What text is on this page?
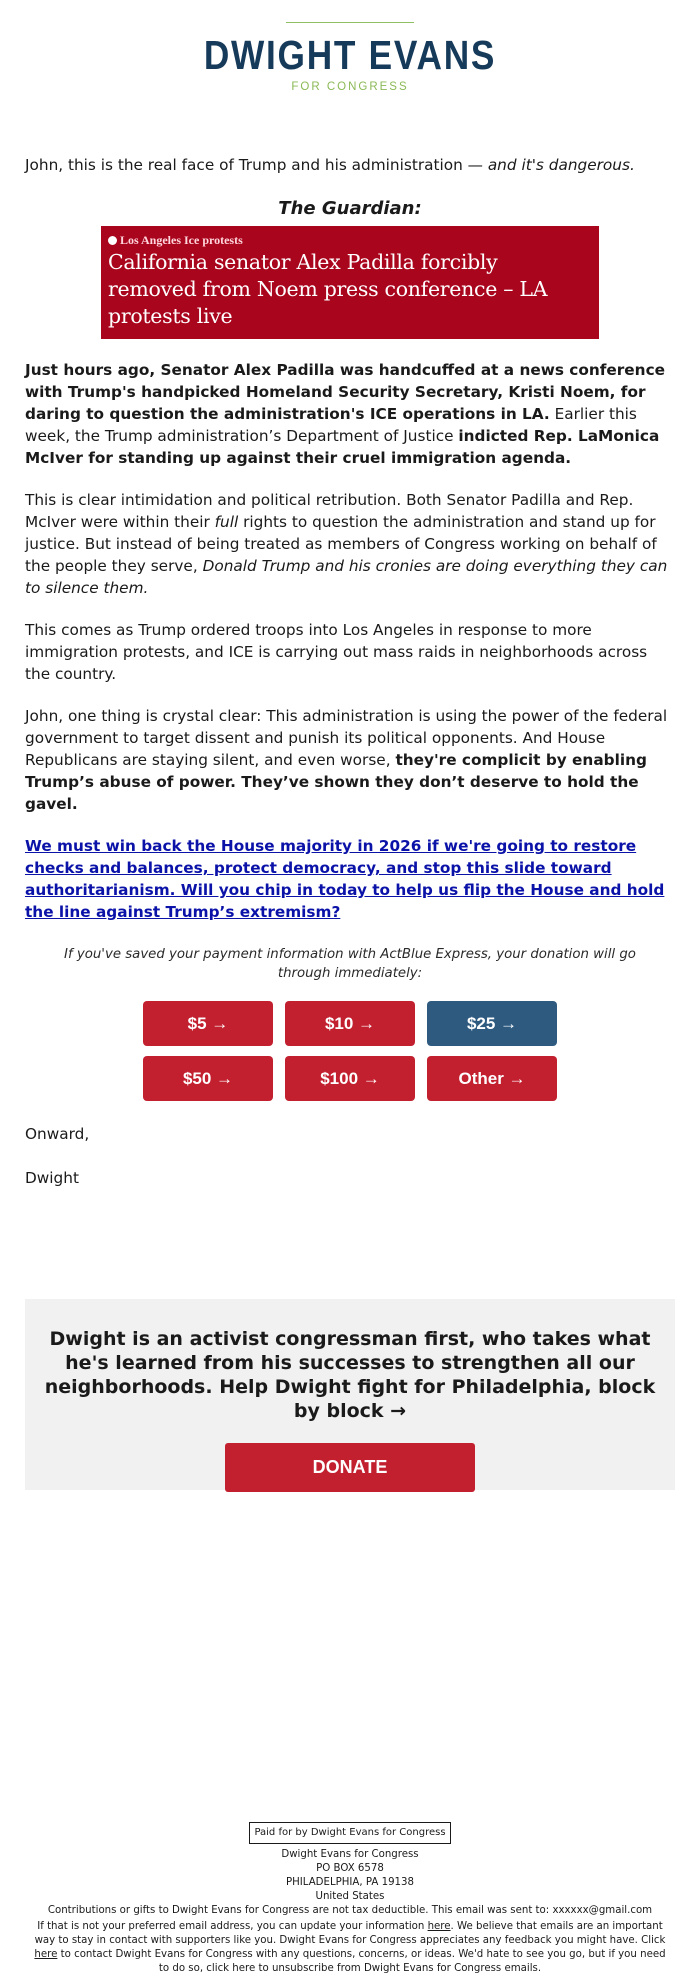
DWIGHT EVANS
FOR CONGRESS

John, this is the real face of Trump and his administration — and it's dangerous.

The Guardian:
Los Angeles Ice protests
California senator Alex Padilla forcibly removed from Noem press conference – LA protests live

Just hours ago, Senator Alex Padilla was handcuffed at a news conference with Trump's handpicked Homeland Security Secretary, Kristi Noem, for daring to question the administration's ICE operations in LA. Earlier this week, the Trump administration’s Department of Justice indicted Rep. LaMonica McIver for standing up against their cruel immigration agenda.

This is clear intimidation and political retribution. Both Senator Padilla and Rep. McIver were within their full rights to question the administration and stand up for justice. But instead of being treated as members of Congress working on behalf of the people they serve, Donald Trump and his cronies are doing everything they can to silence them.

This comes as Trump ordered troops into Los Angeles in response to more immigration protests, and ICE is carrying out mass raids in neighborhoods across the country.

John, one thing is crystal clear: This administration is using the power of the federal government to target dissent and punish its political opponents. And House Republicans are staying silent, and even worse, they're complicit by enabling Trump’s abuse of power. They’ve shown they don’t deserve to hold the gavel.

We must win back the House majority in 2026 if we're going to restore checks and balances, protect democracy, and stop this slide toward authoritarianism. Will you chip in today to help us flip the House and hold the line against Trump’s extremism?
If you've saved your payment information with ActBlue Express, your donation will go through immediately:
$5 →	$10 →	$25 →
$50 →	$100 →	Other →

Onward,

Dwight

Dwight is an activist congressman first, who takes what he's learned from his successes to strengthen all our neighborhoods. Help Dwight fight for Philadelphia, block by block →
DONATE
Paid for by Dwight Evans for Congress
Dwight Evans for Congress
PO BOX 6578
PHILADELPHIA, PA 19138
United States
Contributions or gifts to Dwight Evans for Congress are not tax deductible. This email was sent to: xxxxxx@gmail.com
If that is not your preferred email address, you can update your information here. We believe that emails are an important way to stay in contact with supporters like you. Dwight Evans for Congress appreciates any feedback you might have. Click here to contact Dwight Evans for Congress with any questions, concerns, or ideas. We'd hate to see you go, but if you need to do so, click here to unsubscribe from Dwight Evans for Congress emails.
